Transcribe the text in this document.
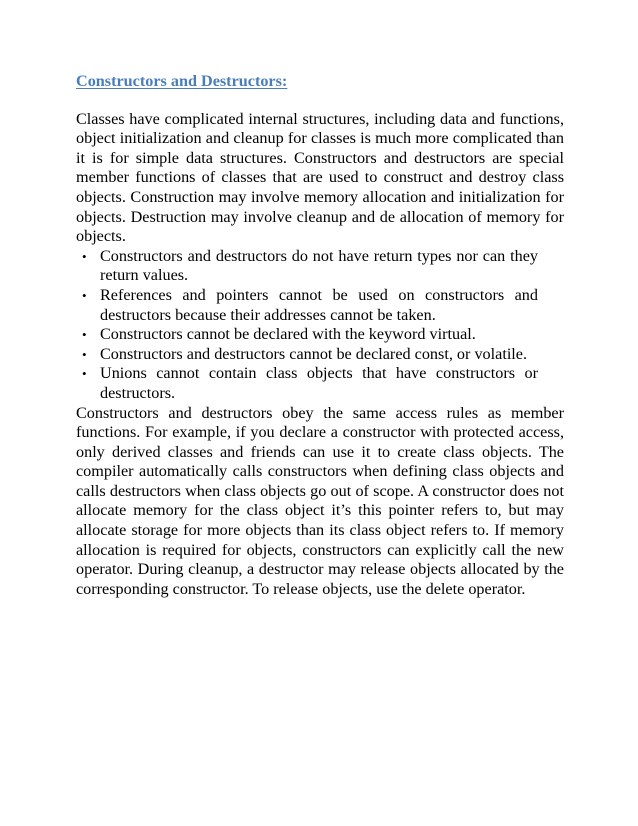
Constructors and Destructors:

Classes have complicated internal structures, including data and functions, object initialization and cleanup for classes is much more complicated than it is for simple data structures. Constructors and destructors are special member functions of classes that are used to construct and destroy class objects. Construction may involve memory allocation and initialization for objects. Destruction may involve cleanup and de allocation of memory for objects.

• Constructors and destructors do not have return types nor can they return values.
• References and pointers cannot be used on constructors and destructors because their addresses cannot be taken.
• Constructors cannot be declared with the keyword virtual.
• Constructors and destructors cannot be declared const, or volatile.
• Unions cannot contain class objects that have constructors or destructors.

Constructors and destructors obey the same access rules as member functions. For example, if you declare a constructor with protected access, only derived classes and friends can use it to create class objects. The compiler automatically calls constructors when defining class objects and calls destructors when class objects go out of scope. A constructor does not allocate memory for the class object it’s this pointer refers to, but may allocate storage for more objects than its class object refers to. If memory allocation is required for objects, constructors can explicitly call the new operator. During cleanup, a destructor may release objects allocated by the corresponding constructor. To release objects, use the delete operator.
